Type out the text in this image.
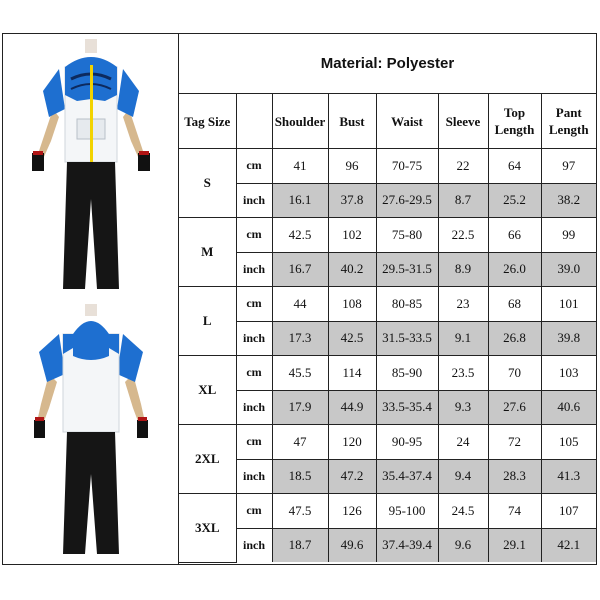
Material: Polyester
Tag Size		Shoulder	Bust	Waist	Sleeve	Top Length	Pant Length
S	cm	41	96	70-75	22	64	97
	inch	16.1	37.8	27.6-29.5	8.7	25.2	38.2
M	cm	42.5	102	75-80	22.5	66	99
	inch	16.7	40.2	29.5-31.5	8.9	26.0	39.0
L	cm	44	108	80-85	23	68	101
	inch	17.3	42.5	31.5-33.5	9.1	26.8	39.8
XL	cm	45.5	114	85-90	23.5	70	103
	inch	17.9	44.9	33.5-35.4	9.3	27.6	40.6
2XL	cm	47	120	90-95	24	72	105
	inch	18.5	47.2	35.4-37.4	9.4	28.3	41.3
3XL	cm	47.5	126	95-100	24.5	74	107
	inch	18.7	49.6	37.4-39.4	9.6	29.1	42.1
